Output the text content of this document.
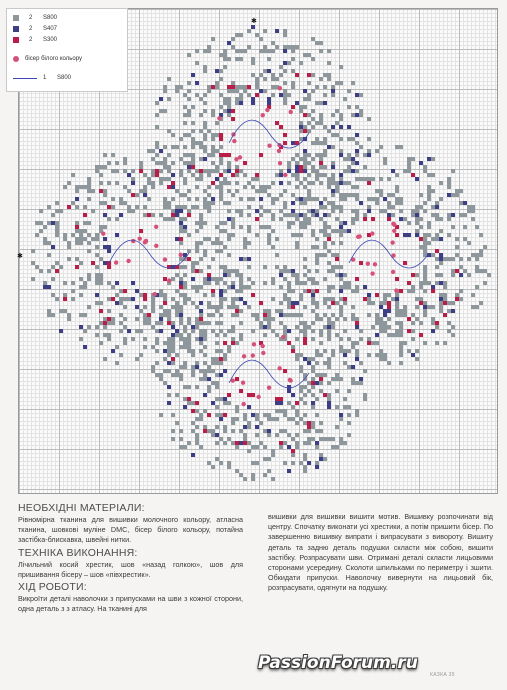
✱
✱
2	S800
2	S407
2	S300
бісер білого кольору
1	S800
НЕОБХІДНІ МАТЕРІАЛИ:

Рівномірна тканина для вишивки молочного кольору, атласна тканина, шовкові муліне DMC, бісер білого кольору, потайна застібка-блискавка, швейні нитки.

ТЕХНІКА ВИКОНАННЯ:

Лічильний косий хрестик, шов «назад голкою», шов для пришивання бісеру – шов «півхрестик».

ХІД РОБОТИ:

Викроїти деталі наволочки з припусками на шви з кожної сторони, одна деталь з з атласу. На тканині для

вишивки для вишивки вишити мотив. Вишивку розпочинати від центру. Спочатку виконати усі хрестики, а потім пришити бісер. По завершенню вишивку випрати і випрасувати з вивороту. Вишиту деталь та задню деталь подушки скласти між собою, вишити застібку. Розпрасувати шви. Отримані деталі скласти лицьовими сторонами усередину. Сколоти шпильками по периметру і зшити. Обкидати припуски. Наволочку вивернути на лицьовий бік, розпрасувати, одягнути на подушку.

КАЗКА 35
PassionForum.ru
